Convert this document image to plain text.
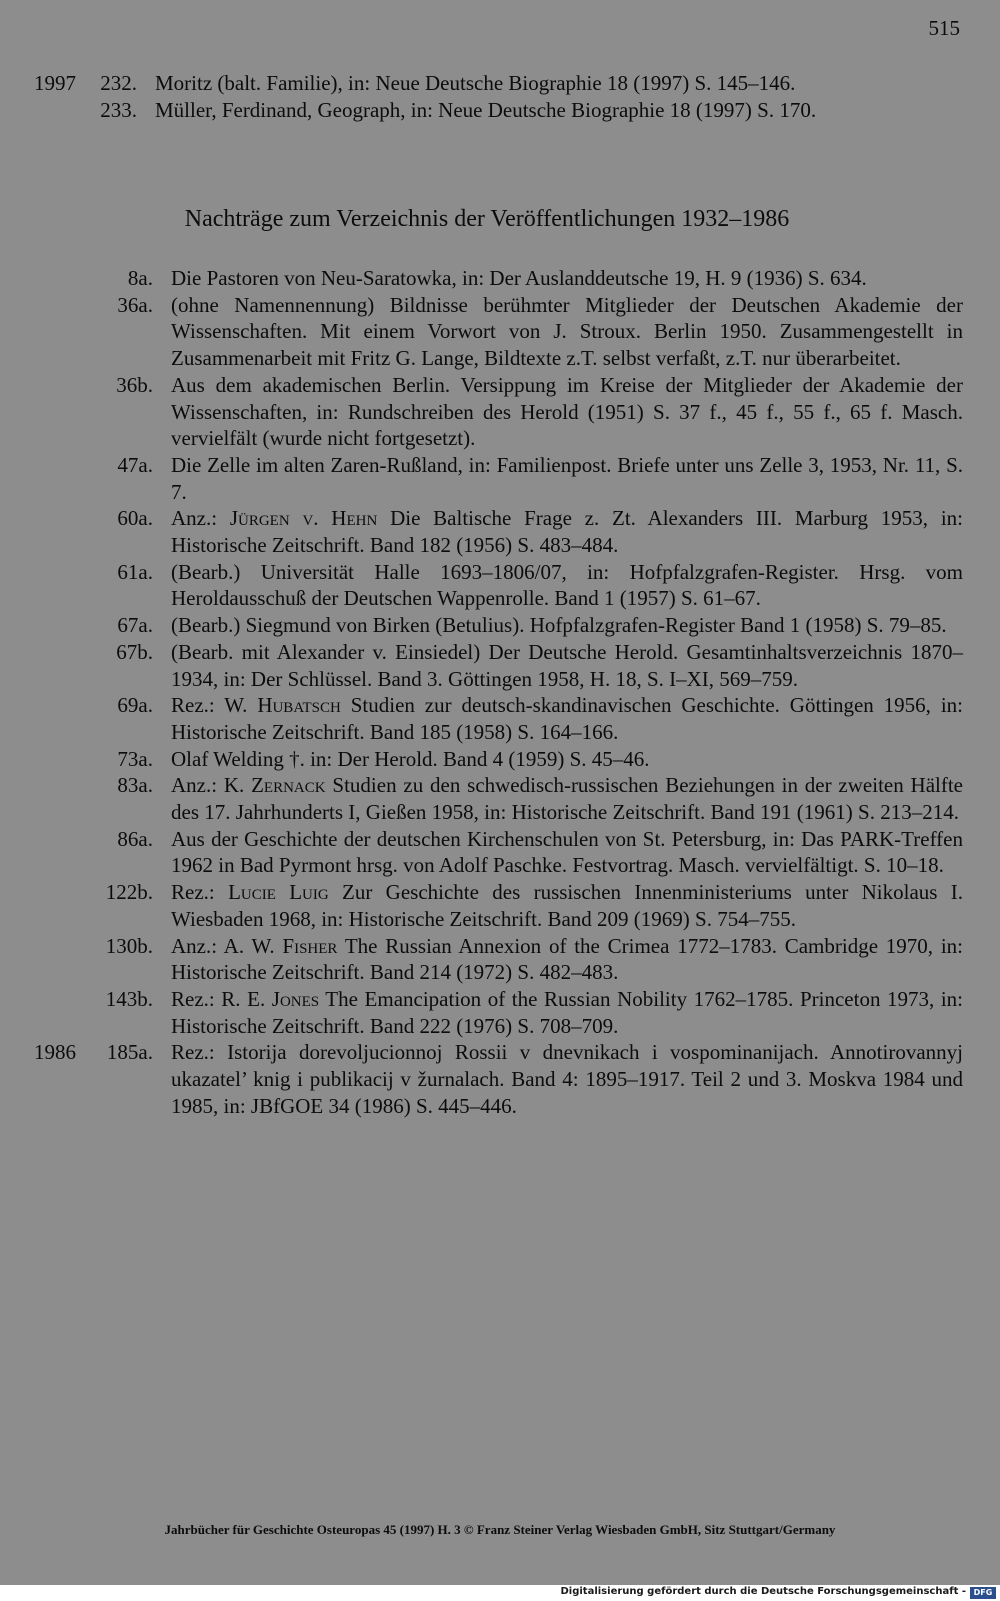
515
1997 232. Moritz (balt. Familie), in: Neue Deutsche Biographie 18 (1997) S. 145–146.
233. Müller, Ferdinand, Geograph, in: Neue Deutsche Biographie 18 (1997) S. 170.
Nachträge zum Verzeichnis der Veröffentlichungen 1932–1986
8a. Die Pastoren von Neu-Saratowka, in: Der Auslanddeutsche 19, H. 9 (1936) S. 634.
36a. (ohne Namennennung) Bildnisse berühmter Mitglieder der Deutschen Akademie der Wissenschaften. Mit einem Vorwort von J. Stroux. Berlin 1950. Zusammengestellt in Zusammenarbeit mit Fritz G. Lange, Bildtexte z.T. selbst verfaßt, z.T. nur überarbeitet.
36b. Aus dem akademischen Berlin. Versippung im Kreise der Mitglieder der Akademie der Wissenschaften, in: Rundschreiben des Herold (1951) S. 37 f., 45 f., 55 f., 65 f. Masch. vervielfält (wurde nicht fortgesetzt).
47a. Die Zelle im alten Zaren-Rußland, in: Familienpost. Briefe unter uns Zelle 3, 1953, Nr. 11, S. 7.
60a. Anz.: Jürgen v. Hehn Die Baltische Frage z. Zt. Alexanders III. Marburg 1953, in: Historische Zeitschrift. Band 182 (1956) S. 483–484.
61a. (Bearb.) Universität Halle 1693–1806/07, in: Hofpfalzgrafen-Register. Hrsg. vom Heroldausschuß der Deutschen Wappenrolle. Band 1 (1957) S. 61–67.
67a. (Bearb.) Siegmund von Birken (Betulius). Hofpfalzgrafen-Register Band 1 (1958) S. 79–85.
67b. (Bearb. mit Alexander v. Einsiedel) Der Deutsche Herold. Gesamtinhaltsverzeichnis 1870–1934, in: Der Schlüssel. Band 3. Göttingen 1958, H. 18, S. I–XI, 569–759.
69a. Rez.: W. Hubatsch Studien zur deutsch-skandinavischen Geschichte. Göttingen 1956, in: Historische Zeitschrift. Band 185 (1958) S. 164–166.
73a. Olaf Welding †. in: Der Herold. Band 4 (1959) S. 45–46.
83a. Anz.: K. Zernack Studien zu den schwedisch-russischen Beziehungen in der zweiten Hälfte des 17. Jahrhunderts I, Gießen 1958, in: Historische Zeitschrift. Band 191 (1961) S. 213–214.
86a. Aus der Geschichte der deutschen Kirchenschulen von St. Petersburg, in: Das PARK-Treffen 1962 in Bad Pyrmont hrsg. von Adolf Paschke. Festvortrag. Masch. vervielfältigt. S. 10–18.
122b. Rez.: Lucie Luig Zur Geschichte des russischen Innenministeriums unter Nikolaus I. Wiesbaden 1968, in: Historische Zeitschrift. Band 209 (1969) S. 754–755.
130b. Anz.: A. W. Fisher The Russian Annexion of the Crimea 1772–1783. Cambridge 1970, in: Historische Zeitschrift. Band 214 (1972) S. 482–483.
143b. Rez.: R. E. Jones The Emancipation of the Russian Nobility 1762–1785. Princeton 1973, in: Historische Zeitschrift. Band 222 (1976) S. 708–709.
1986 185a. Rez.: Istorija dorevoljucionnoj Rossii v dnevnikach i vospominanijach. Annotirovannyj ukazatel’ knig i publikacij v žurnalach. Band 4: 1895–1917. Teil 2 und 3. Moskva 1984 und 1985, in: JBfGOE 34 (1986) S. 445–446.
Jahrbücher für Geschichte Osteuropas 45 (1997) H. 3 © Franz Steiner Verlag Wiesbaden GmbH, Sitz Stuttgart/Germany
Digitalisierung gefördert durch die Deutsche Forschungsgemeinschaft - DFG
